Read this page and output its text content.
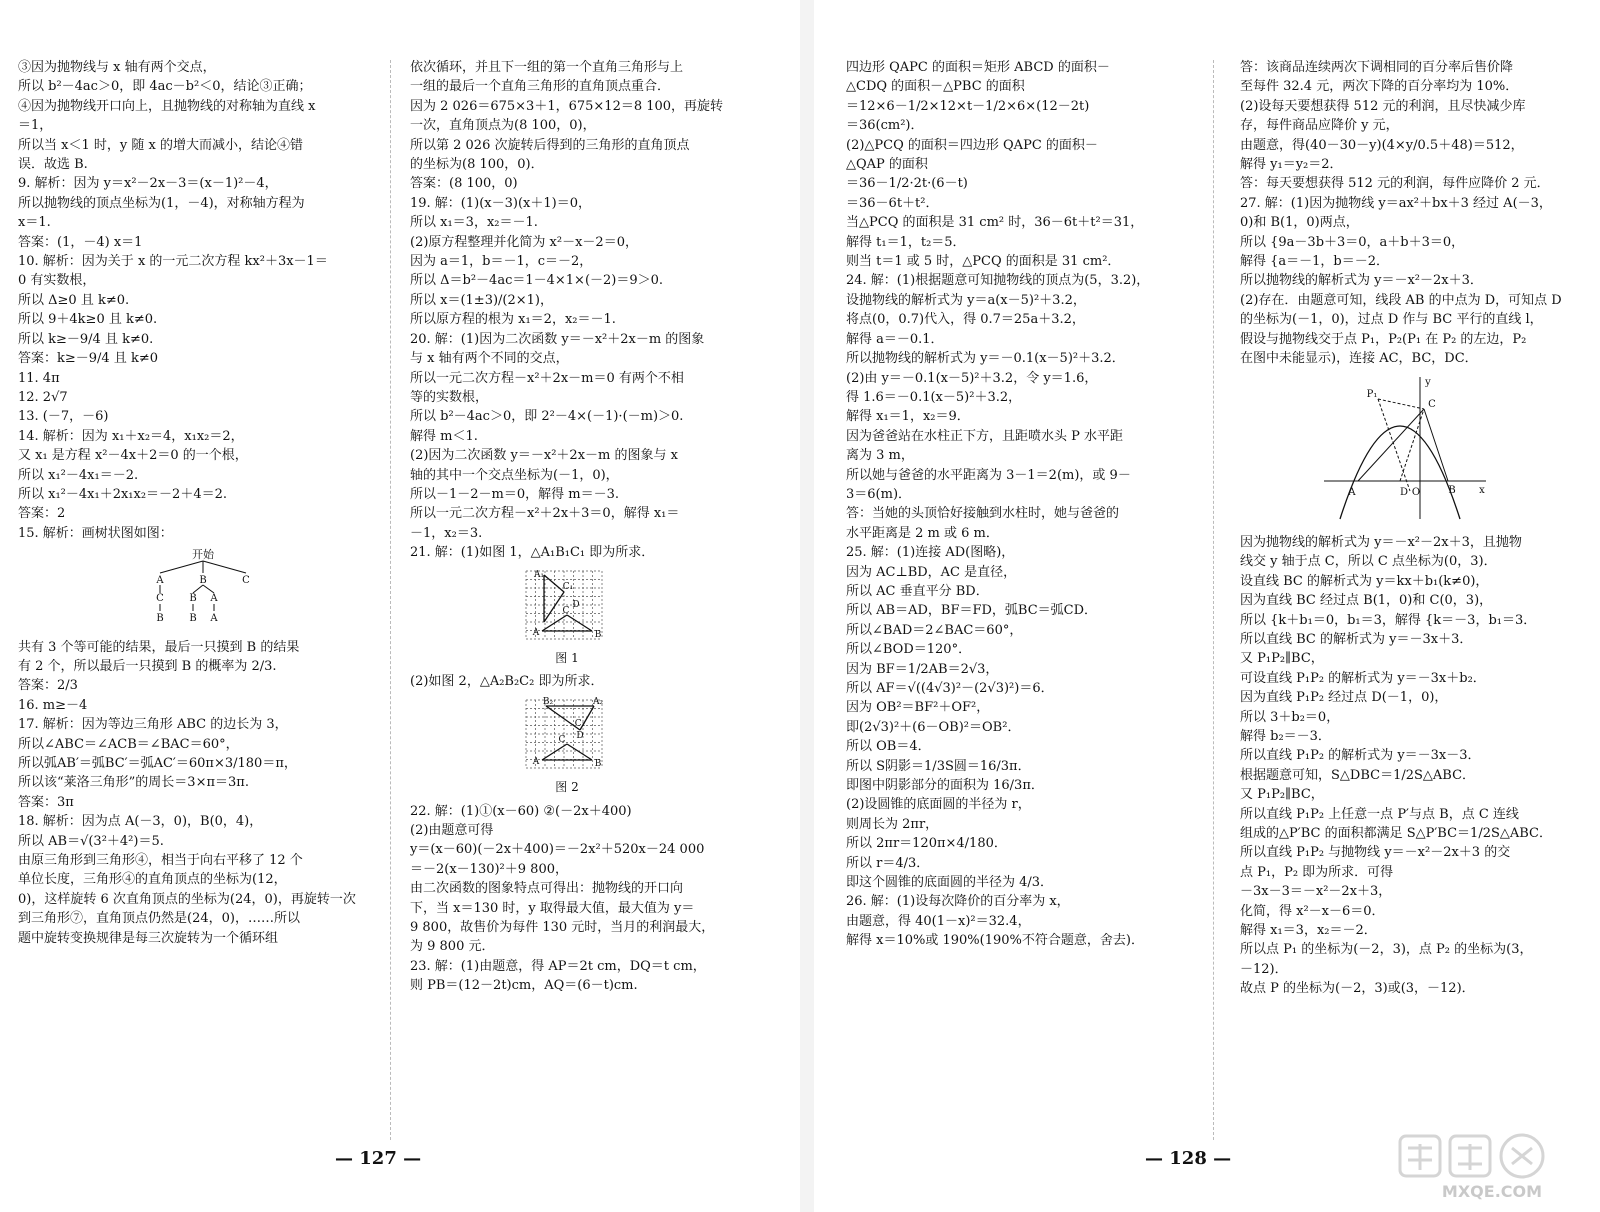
③因为抛物线与 x 轴有两个交点，
所以 b²－4ac＞0，即 4ac－b²＜0，结论③正确；
④因为抛物线开口向上，且抛物线的对称轴为直线 x
＝1，
所以当 x＜1 时，y 随 x 的增大而减小，结论④错
误．故选 B.
9. 解析：因为 y＝x²－2x－3＝(x－1)²－4，
所以抛物线的顶点坐标为(1，－4)，对称轴方程为
x＝1.
答案：(1，－4) x＝1
10. 解析：因为关于 x 的一元二次方程 kx²＋3x－1＝
0 有实数根，
所以 Δ≥0 且 k≠0.
所以 9＋4k≥0 且 k≠0.
所以 k≥－9/4 且 k≠0.
答案：k≥－9/4 且 k≠0
11. 4π
12. 2√7
13. (－7，－6)
14. 解析：因为 x₁＋x₂＝4，x₁x₂＝2，
又 x₁ 是方程 x²－4x＋2＝0 的一个根，
所以 x₁²－4x₁＝－2.
所以 x₁²－4x₁＋2x₁x₂＝－2＋4＝2.
答案：2
15. 解析：画树状图如图：
开始
A	B	C
C	B A
B	B A
共有 3 个等可能的结果，最后一只摸到 B 的结果
有 2 个，所以最后一只摸到 B 的概率为 2/3.
答案：2/3
16. m≥－4
17. 解析：因为等边三角形 ABC 的边长为 3，
所以∠ABC＝∠ACB＝∠BAC＝60°，
所以弧AB′＝弧BC′＝弧AC′＝60π×3/180＝π，
所以该“莱洛三角形”的周长＝3×π＝3π.
答案：3π
18. 解析：因为点 A(－3，0)，B(0，4)，
所以 AB＝√(3²＋4²)＝5.
由原三角形到三角形④，相当于向右平移了 12 个
单位长度，三角形④的直角顶点的坐标为(12，
0)，这样旋转 6 次直角顶点的坐标为(24，0)，再旋转一次
到三角形⑦，直角顶点仍然是(24，0)，……所以
题中旋转变换规律是每三次旋转为一个循环组
依次循环，并且下一组的第一个直角三角形与上
一组的最后一个直角三角形的直角顶点重合．
因为 2 026＝675×3＋1，675×12＝8 100，再旋转
一次，直角顶点为(8 100，0)，
所以第 2 026 次旋转后得到的三角形的直角顶点
的坐标为(8 100，0)．
答案：(8 100，0)
19. 解：(1)(x－3)(x＋1)＝0，
所以 x₁＝3，x₂＝－1.
(2)原方程整理并化简为 x²－x－2＝0，
因为 a＝1，b＝－1，c＝－2，
所以 Δ＝b²－4ac＝1－4×1×(－2)＝9＞0.
所以 x＝(1±3)/(2×1)，
所以原方程的根为 x₁＝2，x₂＝－1.
20. 解：(1)因为二次函数 y＝－x²＋2x－m 的图象
与 x 轴有两个不同的交点，
所以一元二次方程－x²＋2x－m＝0 有两个不相
等的实数根，
所以 b²－4ac＞0，即 2²－4×(－1)·(－m)＞0.
解得 m＜1.
(2)因为二次函数 y＝－x²＋2x－m 的图象与 x
轴的其中一个交点坐标为(－1，0)，
所以－1－2－m＝0，解得 m＝－3.
所以一元二次方程－x²＋2x＋3＝0，解得 x₁＝
－1，x₂＝3.
21. 解：(1)如图 1，△A₁B₁C₁ 即为所求．
A₁
C₁
D
C
A	B
图 1
(2)如图 2，△A₂B₂C₂ 即为所求．
B₂	A₂
C₂
D
C
A	B
图 2
22. 解：(1)①(x－60) ②(－2x＋400)
(2)由题意可得
y＝(x－60)(－2x＋400)＝－2x²＋520x－24 000
＝－2(x－130)²＋9 800，
由二次函数的图象特点可得出：抛物线的开口向
下，当 x＝130 时，y 取得最大值，最大值为 y＝
9 800，故售价为每件 130 元时，当月的利润最大，
为 9 800 元．
23. 解：(1)由题意，得 AP＝2t cm，DQ＝t cm，
则 PB＝(12－2t)cm，AQ＝(6－t)cm.
四边形 QAPC 的面积＝矩形 ABCD 的面积－
△CDQ 的面积－△PBC 的面积
＝12×6－1/2×12×t－1/2×6×(12－2t)
＝36(cm²)．
(2)△PCQ 的面积＝四边形 QAPC 的面积－
△QAP 的面积
＝36－1/2·2t·(6－t)
＝36－6t＋t²．
当△PCQ 的面积是 31 cm² 时，36－6t＋t²＝31，
解得 t₁＝1，t₂＝5．
则当 t＝1 或 5 时，△PCQ 的面积是 31 cm²．
24. 解：(1)根据题意可知抛物线的顶点为(5，3.2)，
设抛物线的解析式为 y＝a(x－5)²＋3.2，
将点(0，0.7)代入，得 0.7＝25a＋3.2，
解得 a＝－0.1．
所以抛物线的解析式为 y＝－0.1(x－5)²＋3.2．
(2)由 y＝－0.1(x－5)²＋3.2，令 y＝1.6，
得 1.6＝－0.1(x－5)²＋3.2，
解得 x₁＝1，x₂＝9．
因为爸爸站在水柱正下方，且距喷水头 P 水平距
离为 3 m，
所以她与爸爸的水平距离为 3－1＝2(m)，或 9－
3＝6(m)．
答：当她的头顶恰好接触到水柱时，她与爸爸的
水平距离是 2 m 或 6 m．
25. 解：(1)连接 AD(图略)，
因为 AC⊥BD，AC 是直径，
所以 AC 垂直平分 BD．
所以 AB＝AD，BF＝FD，弧BC＝弧CD．
所以∠BAD＝2∠BAC＝60°，
所以∠BOD＝120°．
因为 BF＝1/2AB＝2√3，
所以 AF＝√((4√3)²－(2√3)²)＝6．
因为 OB²＝BF²＋OF²，
即(2√3)²＋(6－OB)²＝OB²．
所以 OB＝4．
所以 S阴影＝1/3S圆＝16/3π．
即图中阴影部分的面积为 16/3π．
(2)设圆锥的底面圆的半径为 r，
则周长为 2πr，
所以 2πr＝120π×4/180．
所以 r＝4/3．
即这个圆锥的底面圆的半径为 4/3．
26. 解：(1)设每次降价的百分率为 x，
由题意，得 40(1－x)²＝32.4，
解得 x＝10%或 190%(190%不符合题意，舍去)．
答：该商品连续两次下调相同的百分率后售价降
至每件 32.4 元，两次下降的百分率均为 10%．
(2)设每天要想获得 512 元的利润，且尽快减少库
存，每件商品应降价 y 元，
由题意，得(40－30－y)(4×y/0.5＋48)＝512，
解得 y₁＝y₂＝2．
答：每天要想获得 512 元的利润，每件应降价 2 元．
27. 解：(1)因为抛物线 y＝ax²＋bx＋3 经过 A(－3，
0)和 B(1，0)两点，
所以 {9a－3b＋3＝0，a＋b＋3＝0，
解得 {a＝－1，b＝－2．
所以抛物线的解析式为 y＝－x²－2x＋3．
(2)存在．由题意可知，线段 AB 的中点为 D，可知点 D
的坐标为(－1，0)，过点 D 作与 BC 平行的直线 l，
假设与抛物线交于点 P₁，P₂(P₁ 在 P₂ 的左边，P₂
在图中未能显示)，连接 AC，BC，DC．
P₁
C
A	D O	B x
y
因为抛物线的解析式为 y＝－x²－2x＋3，且抛物
线交 y 轴于点 C，所以 C 点坐标为(0，3)．
设直线 BC 的解析式为 y＝kx＋b₁(k≠0)，
因为直线 BC 经过点 B(1，0)和 C(0，3)，
所以 {k＋b₁＝0，b₁＝3，解得 {k＝－3，b₁＝3．
所以直线 BC 的解析式为 y＝－3x＋3．
又 P₁P₂∥BC，
可设直线 P₁P₂ 的解析式为 y＝－3x＋b₂．
因为直线 P₁P₂ 经过点 D(－1，0)，
所以 3＋b₂＝0，
解得 b₂＝－3．
所以直线 P₁P₂ 的解析式为 y＝－3x－3．
根据题意可知，S△DBC＝1/2S△ABC．
又 P₁P₂∥BC，
所以直线 P₁P₂ 上任意一点 P′与点 B，点 C 连线
组成的△P′BC 的面积都满足 S△P′BC＝1/2S△ABC．
所以直线 P₁P₂ 与抛物线 y＝－x²－2x＋3 的交
点 P₁，P₂ 即为所求．可得
－3x－3＝－x²－2x＋3，
化简，得 x²－x－6＝0．
解得 x₁＝3，x₂＝－2．
所以点 P₁ 的坐标为(－2，3)，点 P₂ 的坐标为(3，
－12)．
故点 P 的坐标为(－2，3)或(3，－12)．
— 127 —	— 128 —
MXQE.COM
